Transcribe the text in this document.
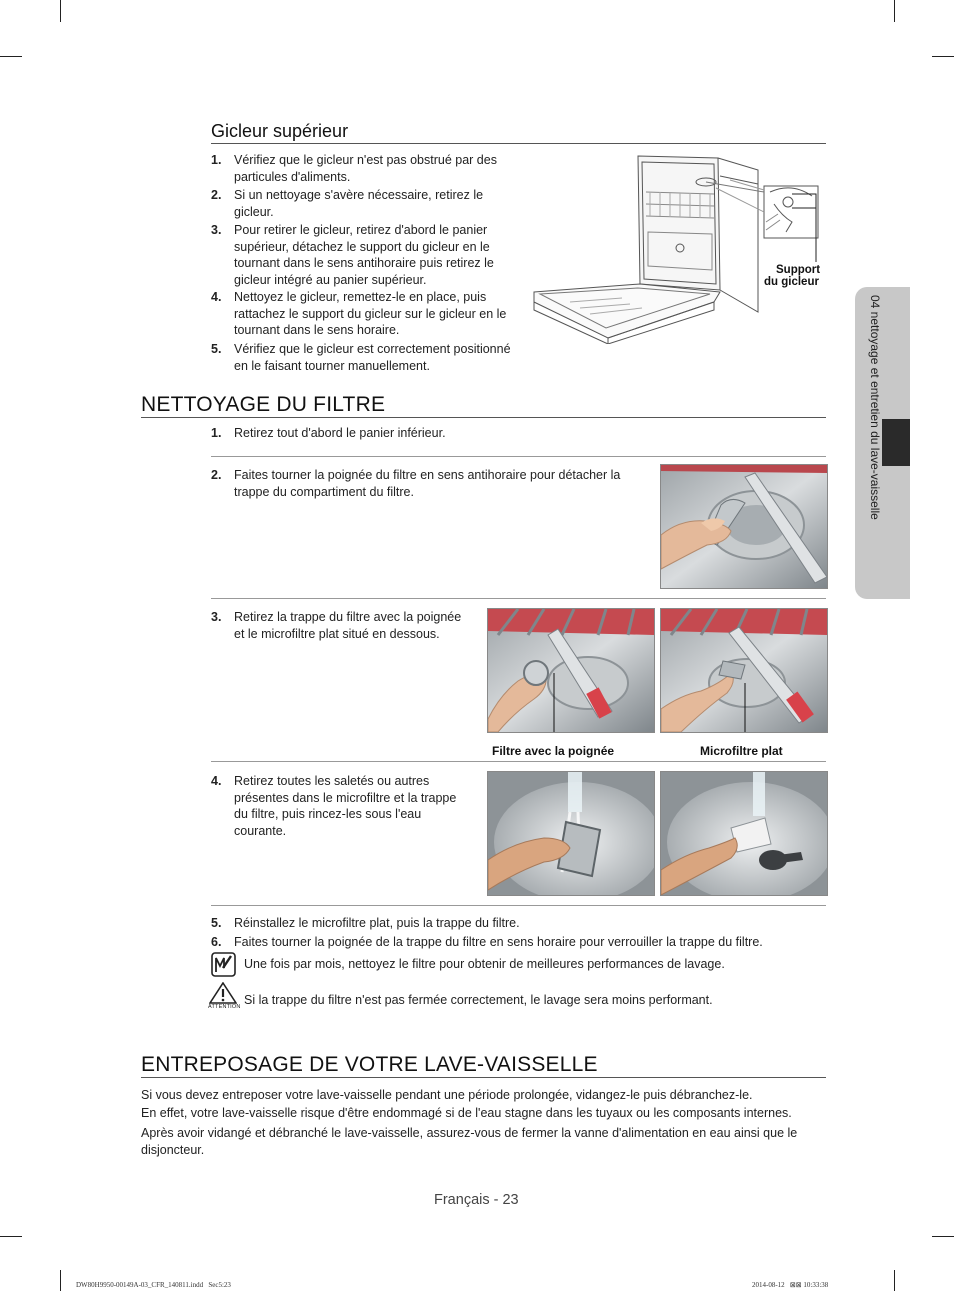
04 nettoyage et entretien du lave-vaisselle
Gicleur supérieur
1. Vérifiez que le gicleur n'est pas obstrué par des
particules d'aliments.
2. Si un nettoyage s'avère nécessaire, retirez le
gicleur.
3. Pour retirer le gicleur, retirez d'abord le panier
supérieur, détachez le support du gicleur en le
tournant dans le sens antihoraire puis retirez le
gicleur intégré au panier supérieur.
4. Nettoyez le gicleur, remettez-le en place, puis
rattachez le support du gicleur sur le gicleur en le
tournant dans le sens horaire.
5. Vérifiez que le gicleur est correctement positionné
en le faisant tourner manuellement.
Support
du gicleur
NETTOYAGE DU FILTRE
1. Retirez tout d'abord le panier inférieur.
2. Faites tourner la poignée du filtre en sens antihoraire pour détacher la
trappe du compartiment du filtre.
3. Retirez la trappe du filtre avec la poignée
et le microfiltre plat situé en dessous.
Filtre avec la poignée	Microfiltre plat
4. Retirez toutes les saletés ou autres
présentes dans le microfiltre et la trappe
du filtre, puis rincez-les sous l'eau
courante.
5. Réinstallez le microfiltre plat, puis la trappe du filtre.
6. Faites tourner la poignée de la trappe du filtre en sens horaire pour verrouiller la trappe du filtre.
Une fois par mois, nettoyez le filtre pour obtenir de meilleures performances de lavage.
ATTENTION Si la trappe du filtre n'est pas fermée correctement, le lavage sera moins performant.
ENTREPOSAGE DE VOTRE LAVE-VAISSELLE
Si vous devez entreposer votre lave-vaisselle pendant une période prolongée, vidangez-le puis débranchez-le.
En effet, votre lave-vaisselle risque d'être endommagé si de l'eau stagne dans les tuyaux ou les composants internes.
Après avoir vidangé et débranché le lave-vaisselle, assurez-vous de fermer la vanne d'alimentation en eau ainsi que le
disjoncteur.
Français - 23
DW80H9950-00149A-03_CFR_140811.indd   Sec5:23	2014-08-12   ⊠⊠ 10:33:38
